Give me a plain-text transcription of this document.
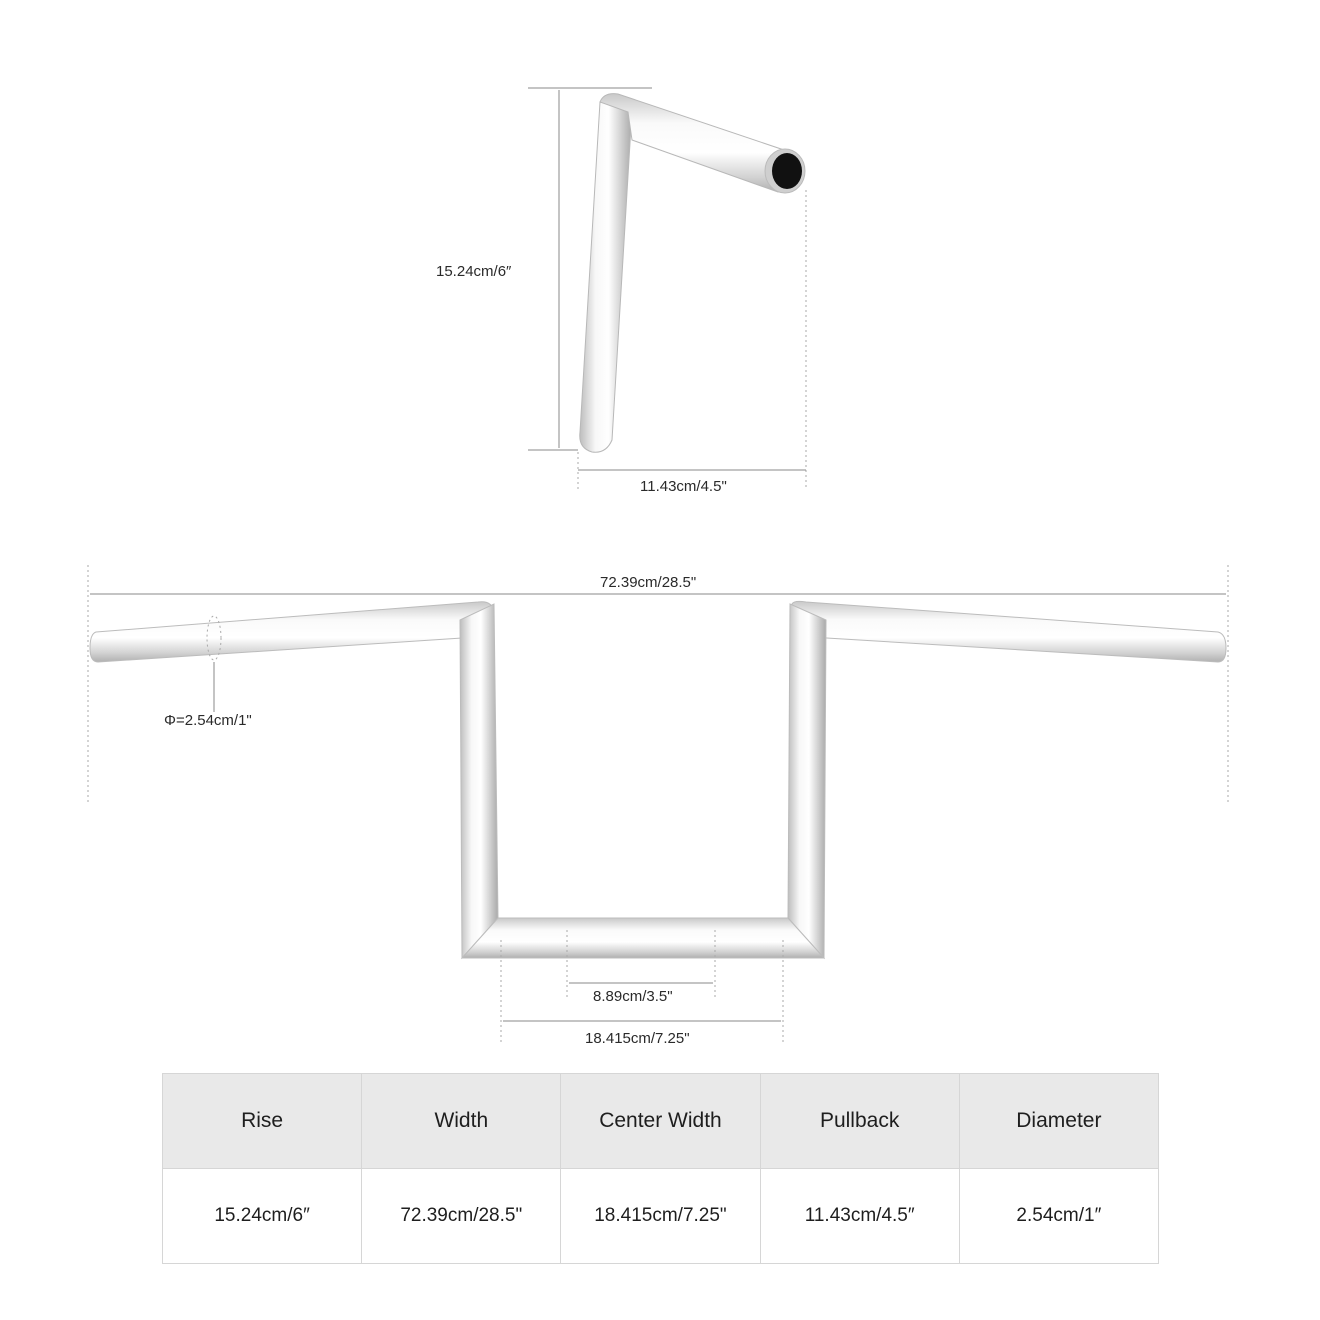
15.24cm/6″
11.43cm/4.5"
72.39cm/28.5"
Φ=2.54cm/1"
8.89cm/3.5"
18.415cm/7.25"
Rise	Width	Center Width	Pullback	Diameter
15.24cm/6″	72.39cm/28.5"	18.415cm/7.25"	11.43cm/4.5″	2.54cm/1″
